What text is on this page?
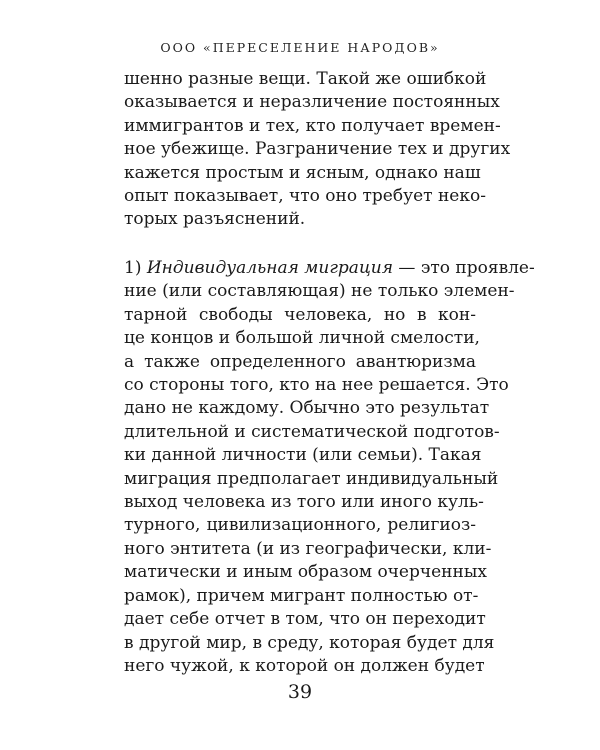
ООО «ПЕРЕСЕЛЕНИЕ НАРОДОВ»
шенно разные вещи. Такой же ошибкой
оказывается и неразличение постоянных
иммигрантов и тех, кто получает времен-
ное убежище. Разграничение тех и других
кажется простым и ясным, однако наш
опыт показывает, что оно требует неко-
торых разъяснений.
1) Индивидуальная миграция — это проявле-
ние (или составляющая) не только элемен-
тарной свободы человека, но в кон-
це концов и большой личной смелости,
а также определенного авантюризма
со стороны того, кто на нее решается. Это
дано не каждому. Обычно это результат
длительной и систематической подготов-
ки данной личности (или семьи). Такая
миграция предполагает индивидуальный
выход человека из того или иного куль-
турного, цивилизационного, религиоз-
ного энтитета (и из географически, кли-
матически и иным образом очерченных
рамок), причем мигрант полностью от-
дает себе отчет в том, что он переходит
в другой мир, в среду, которая будет для
него чужой, к которой он должен будет
39
